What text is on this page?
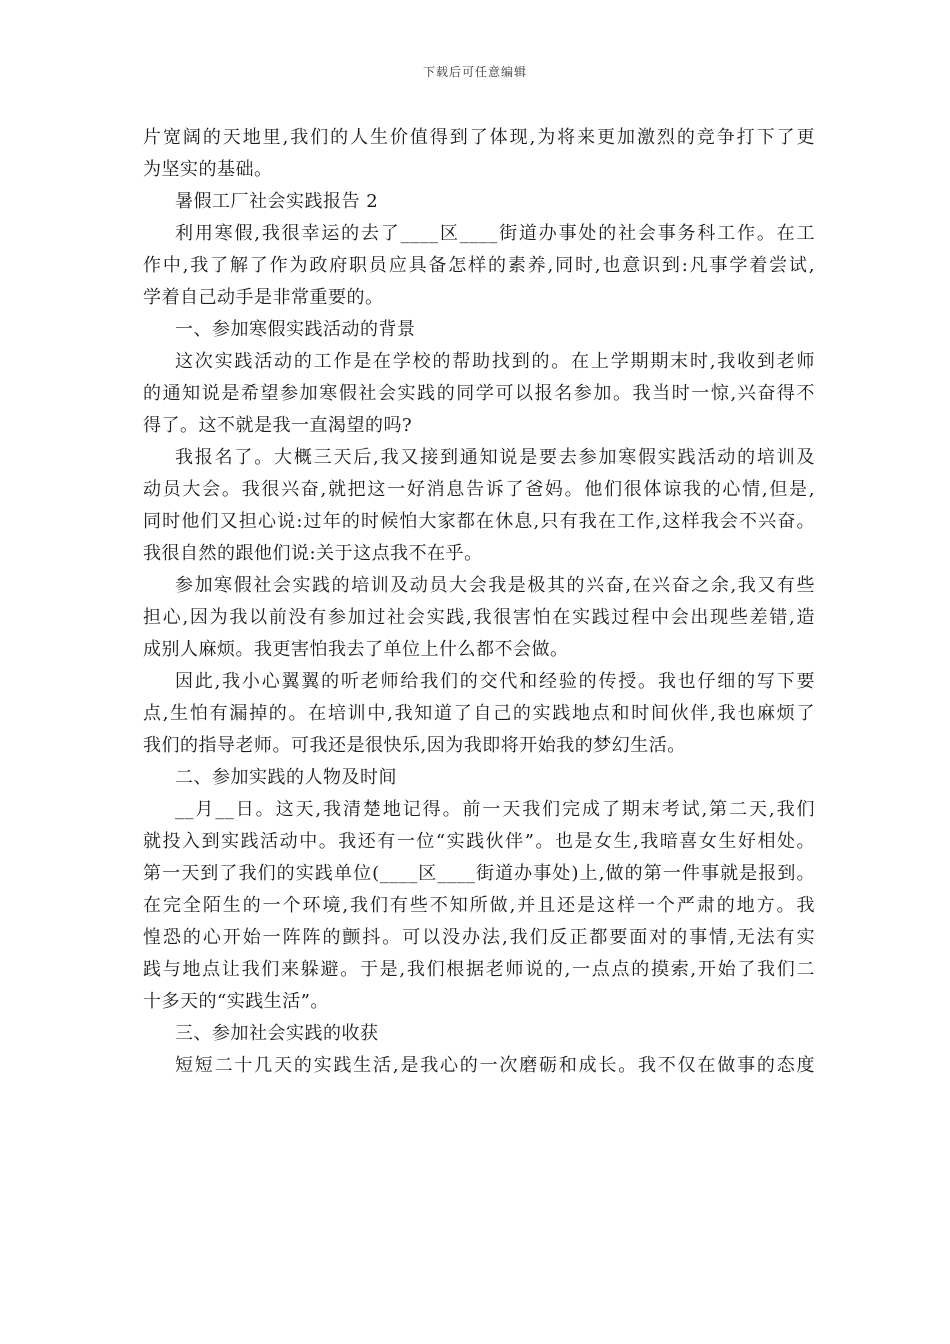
下载后可任意编辑
片宽阔的天地里,我们的人生价值得到了体现,为将来更加激烈的竞争打下了更
为坚实的基础。
暑假工厂社会实践报告 2
利用寒假,我很幸运的去了____区____街道办事处的社会事务科工作。在工
作中,我了解了作为政府职员应具备怎样的素养,同时,也意识到:凡事学着尝试,
学着自己动手是非常重要的。
一、参加寒假实践活动的背景
这次实践活动的工作是在学校的帮助找到的。在上学期期末时,我收到老师
的通知说是希望参加寒假社会实践的同学可以报名参加。我当时一惊,兴奋得不
得了。这不就是我一直渴望的吗?
我报名了。大概三天后,我又接到通知说是要去参加寒假实践活动的培训及
动员大会。我很兴奋,就把这一好消息告诉了爸妈。他们很体谅我的心情,但是,
同时他们又担心说:过年的时候怕大家都在休息,只有我在工作,这样我会不兴奋。
我很自然的跟他们说:关于这点我不在乎。
参加寒假社会实践的培训及动员大会我是极其的兴奋,在兴奋之余,我又有些
担心,因为我以前没有参加过社会实践,我很害怕在实践过程中会出现些差错,造
成别人麻烦。我更害怕我去了单位上什么都不会做。
因此,我小心翼翼的听老师给我们的交代和经验的传授。我也仔细的写下要
点,生怕有漏掉的。在培训中,我知道了自己的实践地点和时间伙伴,我也麻烦了
我们的指导老师。可我还是很快乐,因为我即将开始我的梦幻生活。
二、参加实践的人物及时间
__月__日。这天,我清楚地记得。前一天我们完成了期末考试,第二天,我们
就投入到实践活动中。我还有一位“实践伙伴”。也是女生,我暗喜女生好相处。
第一天到了我们的实践单位(____区____街道办事处)上,做的第一件事就是报到。
在完全陌生的一个环境,我们有些不知所做,并且还是这样一个严肃的地方。我
惶恐的心开始一阵阵的颤抖。可以没办法,我们反正都要面对的事情,无法有实
践与地点让我们来躲避。于是,我们根据老师说的,一点点的摸索,开始了我们二
十多天的“实践生活”。
三、参加社会实践的收获
短短二十几天的实践生活,是我心的一次磨砺和成长。我不仅在做事的态度
